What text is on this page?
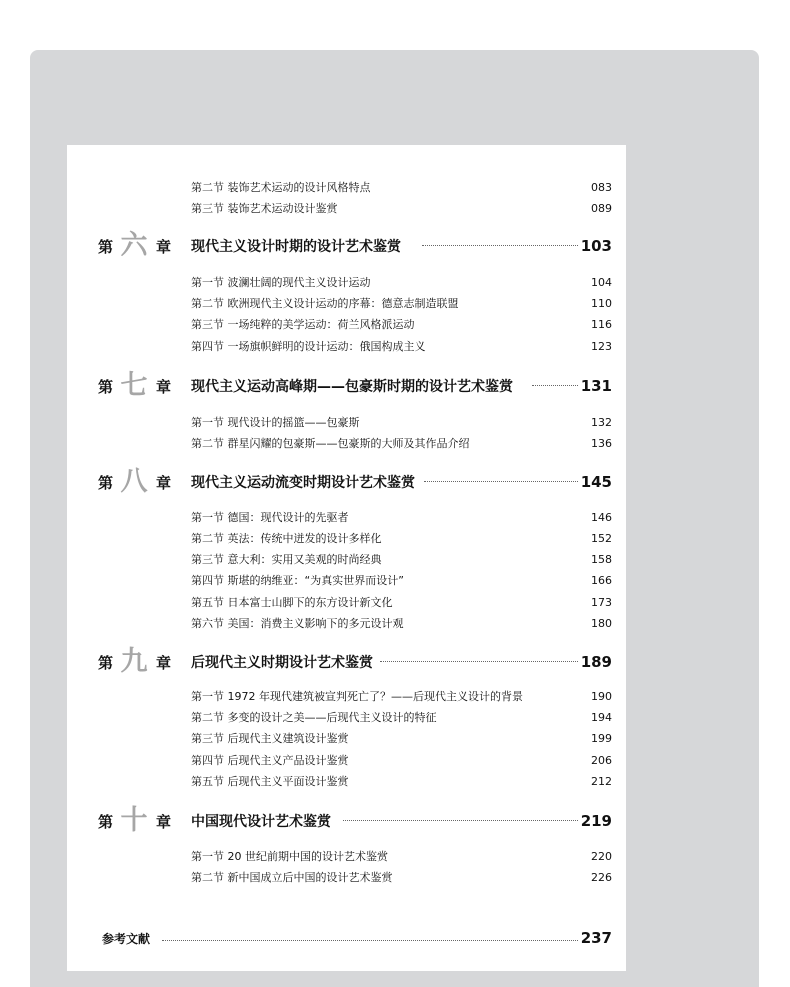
第二节 装饰艺术运动的设计风格特点	083
第三节 装饰艺术运动设计鉴赏	089
第 六 章 现代主义设计时期的设计艺术鉴赏	103
第一节 波澜壮阔的现代主义设计运动	104
第二节 欧洲现代主义设计运动的序幕：德意志制造联盟	110
第三节 一场纯粹的美学运动：荷兰风格派运动	116
第四节 一场旗帜鲜明的设计运动：俄国构成主义	123
第 七 章 现代主义运动高峰期——包豪斯时期的设计艺术鉴赏	131
第一节 现代设计的摇篮——包豪斯	132
第二节 群星闪耀的包豪斯——包豪斯的大师及其作品介绍	136
第 八 章 现代主义运动流变时期设计艺术鉴赏	145
第一节 德国：现代设计的先驱者	146
第二节 英法：传统中迸发的设计多样化	152
第三节 意大利：实用又美观的时尚经典	158
第四节 斯堪的纳维亚：“为真实世界而设计”	166
第五节 日本富士山脚下的东方设计新文化	173
第六节 美国：消费主义影响下的多元设计观	180
第 九 章 后现代主义时期设计艺术鉴赏	189
第一节 1972 年现代建筑被宣判死亡了？——后现代主义设计的背景	190
第二节 多变的设计之美——后现代主义设计的特征	194
第三节 后现代主义建筑设计鉴赏	199
第四节 后现代主义产品设计鉴赏	206
第五节 后现代主义平面设计鉴赏	212
第 十 章 中国现代设计艺术鉴赏	219
第一节 20 世纪前期中国的设计艺术鉴赏	220
第二节 新中国成立后中国的设计艺术鉴赏	226
参考文献	237
